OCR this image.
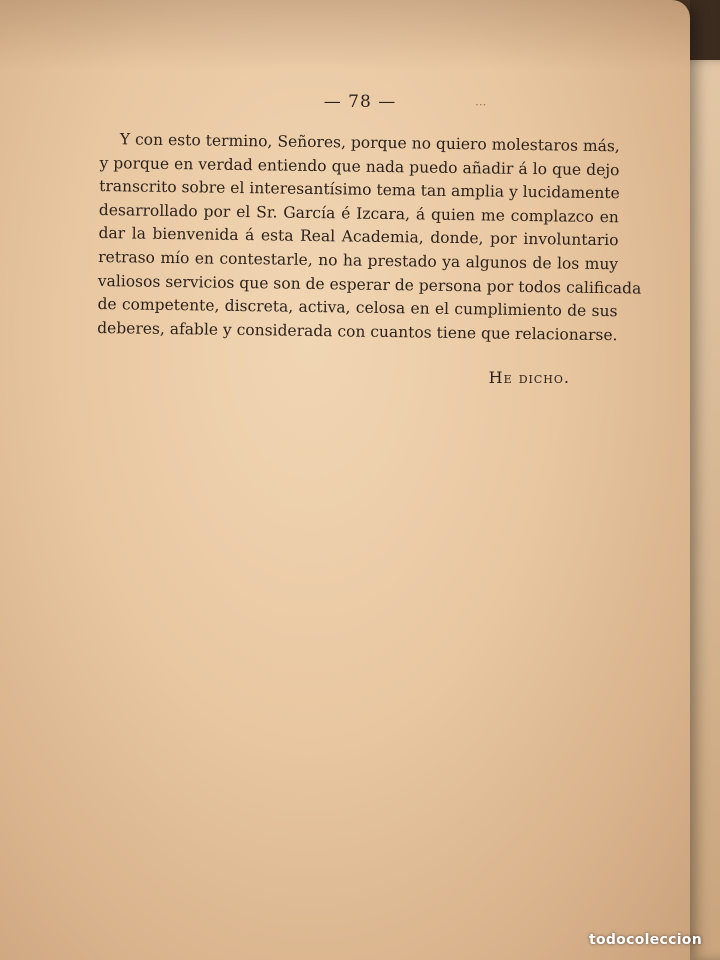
— 78 —	···
Y con esto termino, Señores, porque no quiero molestaros más,
y porque en verdad entiendo que nada puedo añadir á lo que dejo
transcrito sobre el interesantísimo tema tan amplia y lucidamente
desarrollado por el Sr. García é Izcara, á quien me complazco en
dar la bienvenida á esta Real Academia, donde, por involuntario
retraso mío en contestarle, no ha prestado ya algunos de los muy
valiosos servicios que son de esperar de persona por todos calificada
de competente, discreta, activa, celosa en el cumplimiento de sus
deberes, afable y considerada con cuantos tiene que relacionarse.
He dicho.
todocoleccion
